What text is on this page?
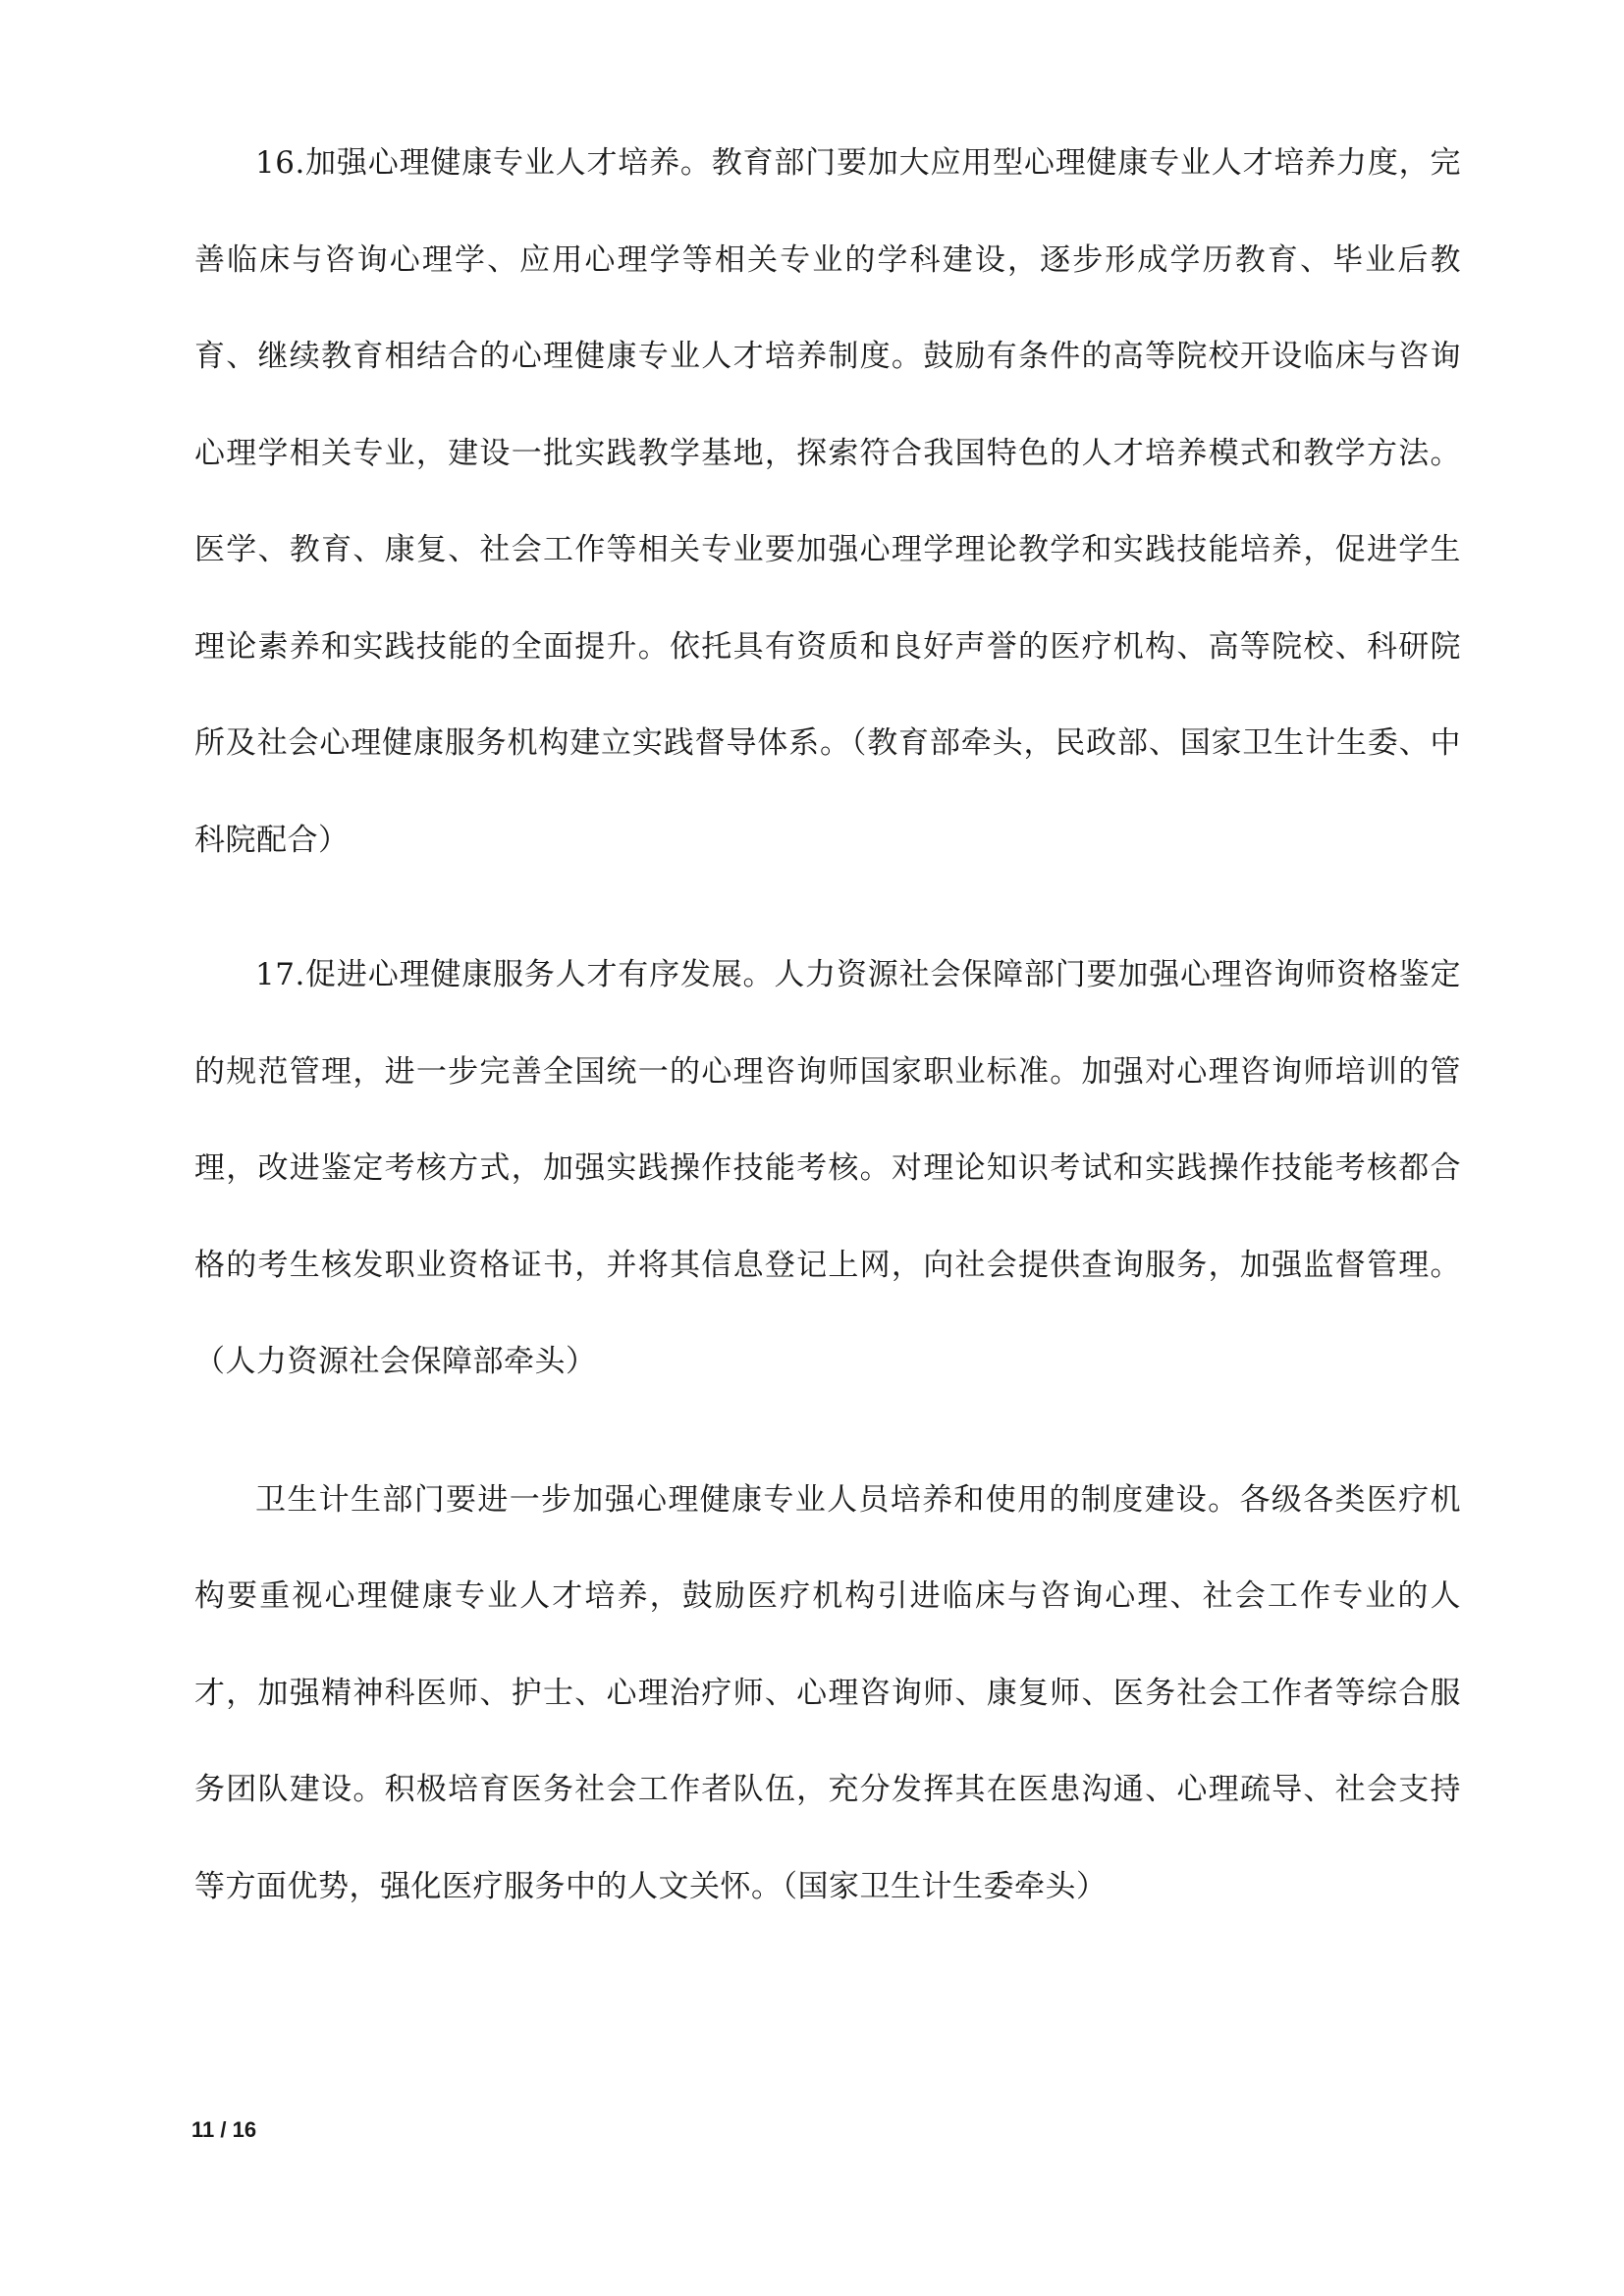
16.加强心理健康专业人才培养。教育部门要加大应用型心理健康专业人才培养力度，完善临床与咨询心理学、应用心理学等相关专业的学科建设，逐步形成学历教育、毕业后教育、继续教育相结合的心理健康专业人才培养制度。鼓励有条件的高等院校开设临床与咨询心理学相关专业，建设一批实践教学基地，探索符合我国特色的人才培养模式和教学方法。医学、教育、康复、社会工作等相关专业要加强心理学理论教学和实践技能培养，促进学生理论素养和实践技能的全面提升。依托具有资质和良好声誉的医疗机构、高等院校、科研院所及社会心理健康服务机构建立实践督导体系。（教育部牵头，民政部、国家卫生计生委、中科院配合）

17.促进心理健康服务人才有序发展。人力资源社会保障部门要加强心理咨询师资格鉴定的规范管理，进一步完善全国统一的心理咨询师国家职业标准。加强对心理咨询师培训的管理，改进鉴定考核方式，加强实践操作技能考核。对理论知识考试和实践操作技能考核都合格的考生核发职业资格证书，并将其信息登记上网，向社会提供查询服务，加强监督管理。（人力资源社会保障部牵头）

卫生计生部门要进一步加强心理健康专业人员培养和使用的制度建设。各级各类医疗机构要重视心理健康专业人才培养，鼓励医疗机构引进临床与咨询心理、社会工作专业的人才，加强精神科医师、护士、心理治疗师、心理咨询师、康复师、医务社会工作者等综合服务团队建设。积极培育医务社会工作者队伍，充分发挥其在医患沟通、心理疏导、社会支持等方面优势，强化医疗服务中的人文关怀。（国家卫生计生委牵头）

11 / 16
